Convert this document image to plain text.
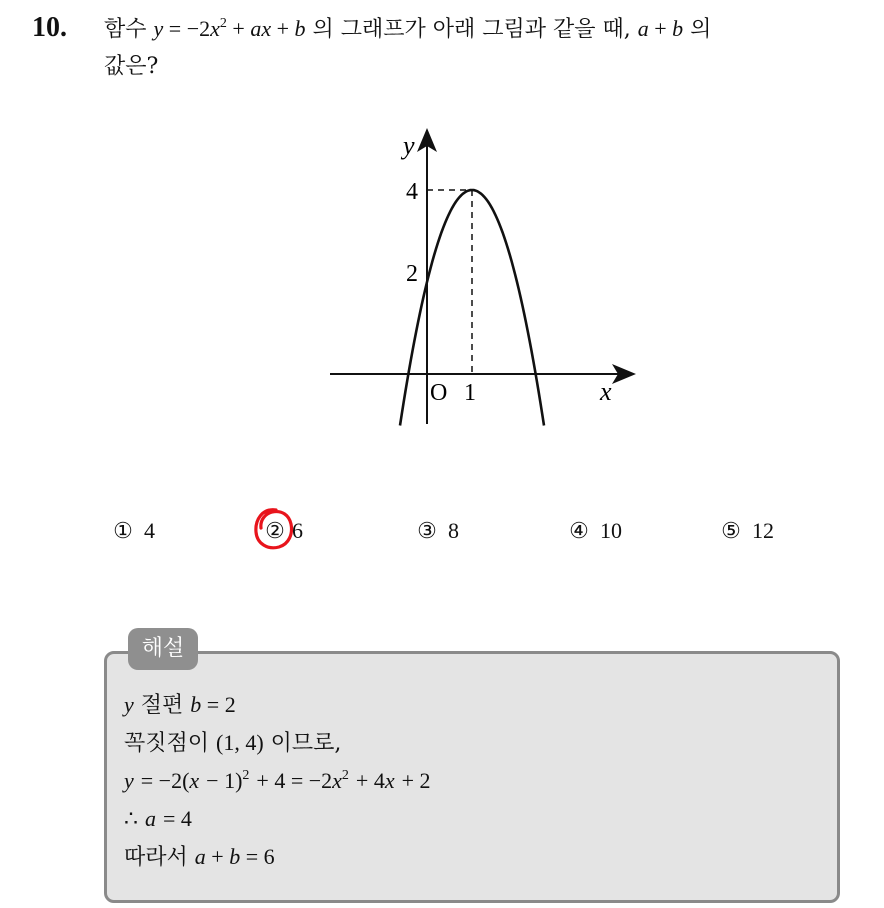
10. 함수 $y = -2x^2$ + ax + b 의 그래프가 아래 그림과 같을 때, a + b 의
값은?
y
x
4
2
O 1
① 4	② 6	③ 8	④ 10	⑤ 12
해설
y 절편 b = 2
꼭짓점이 (1, 4) 이므로,
$y = -2(x - 1)^2 + 4 = -2x^2 + 4x + 2$
∴ a = 4
따라서 a + b = 6
